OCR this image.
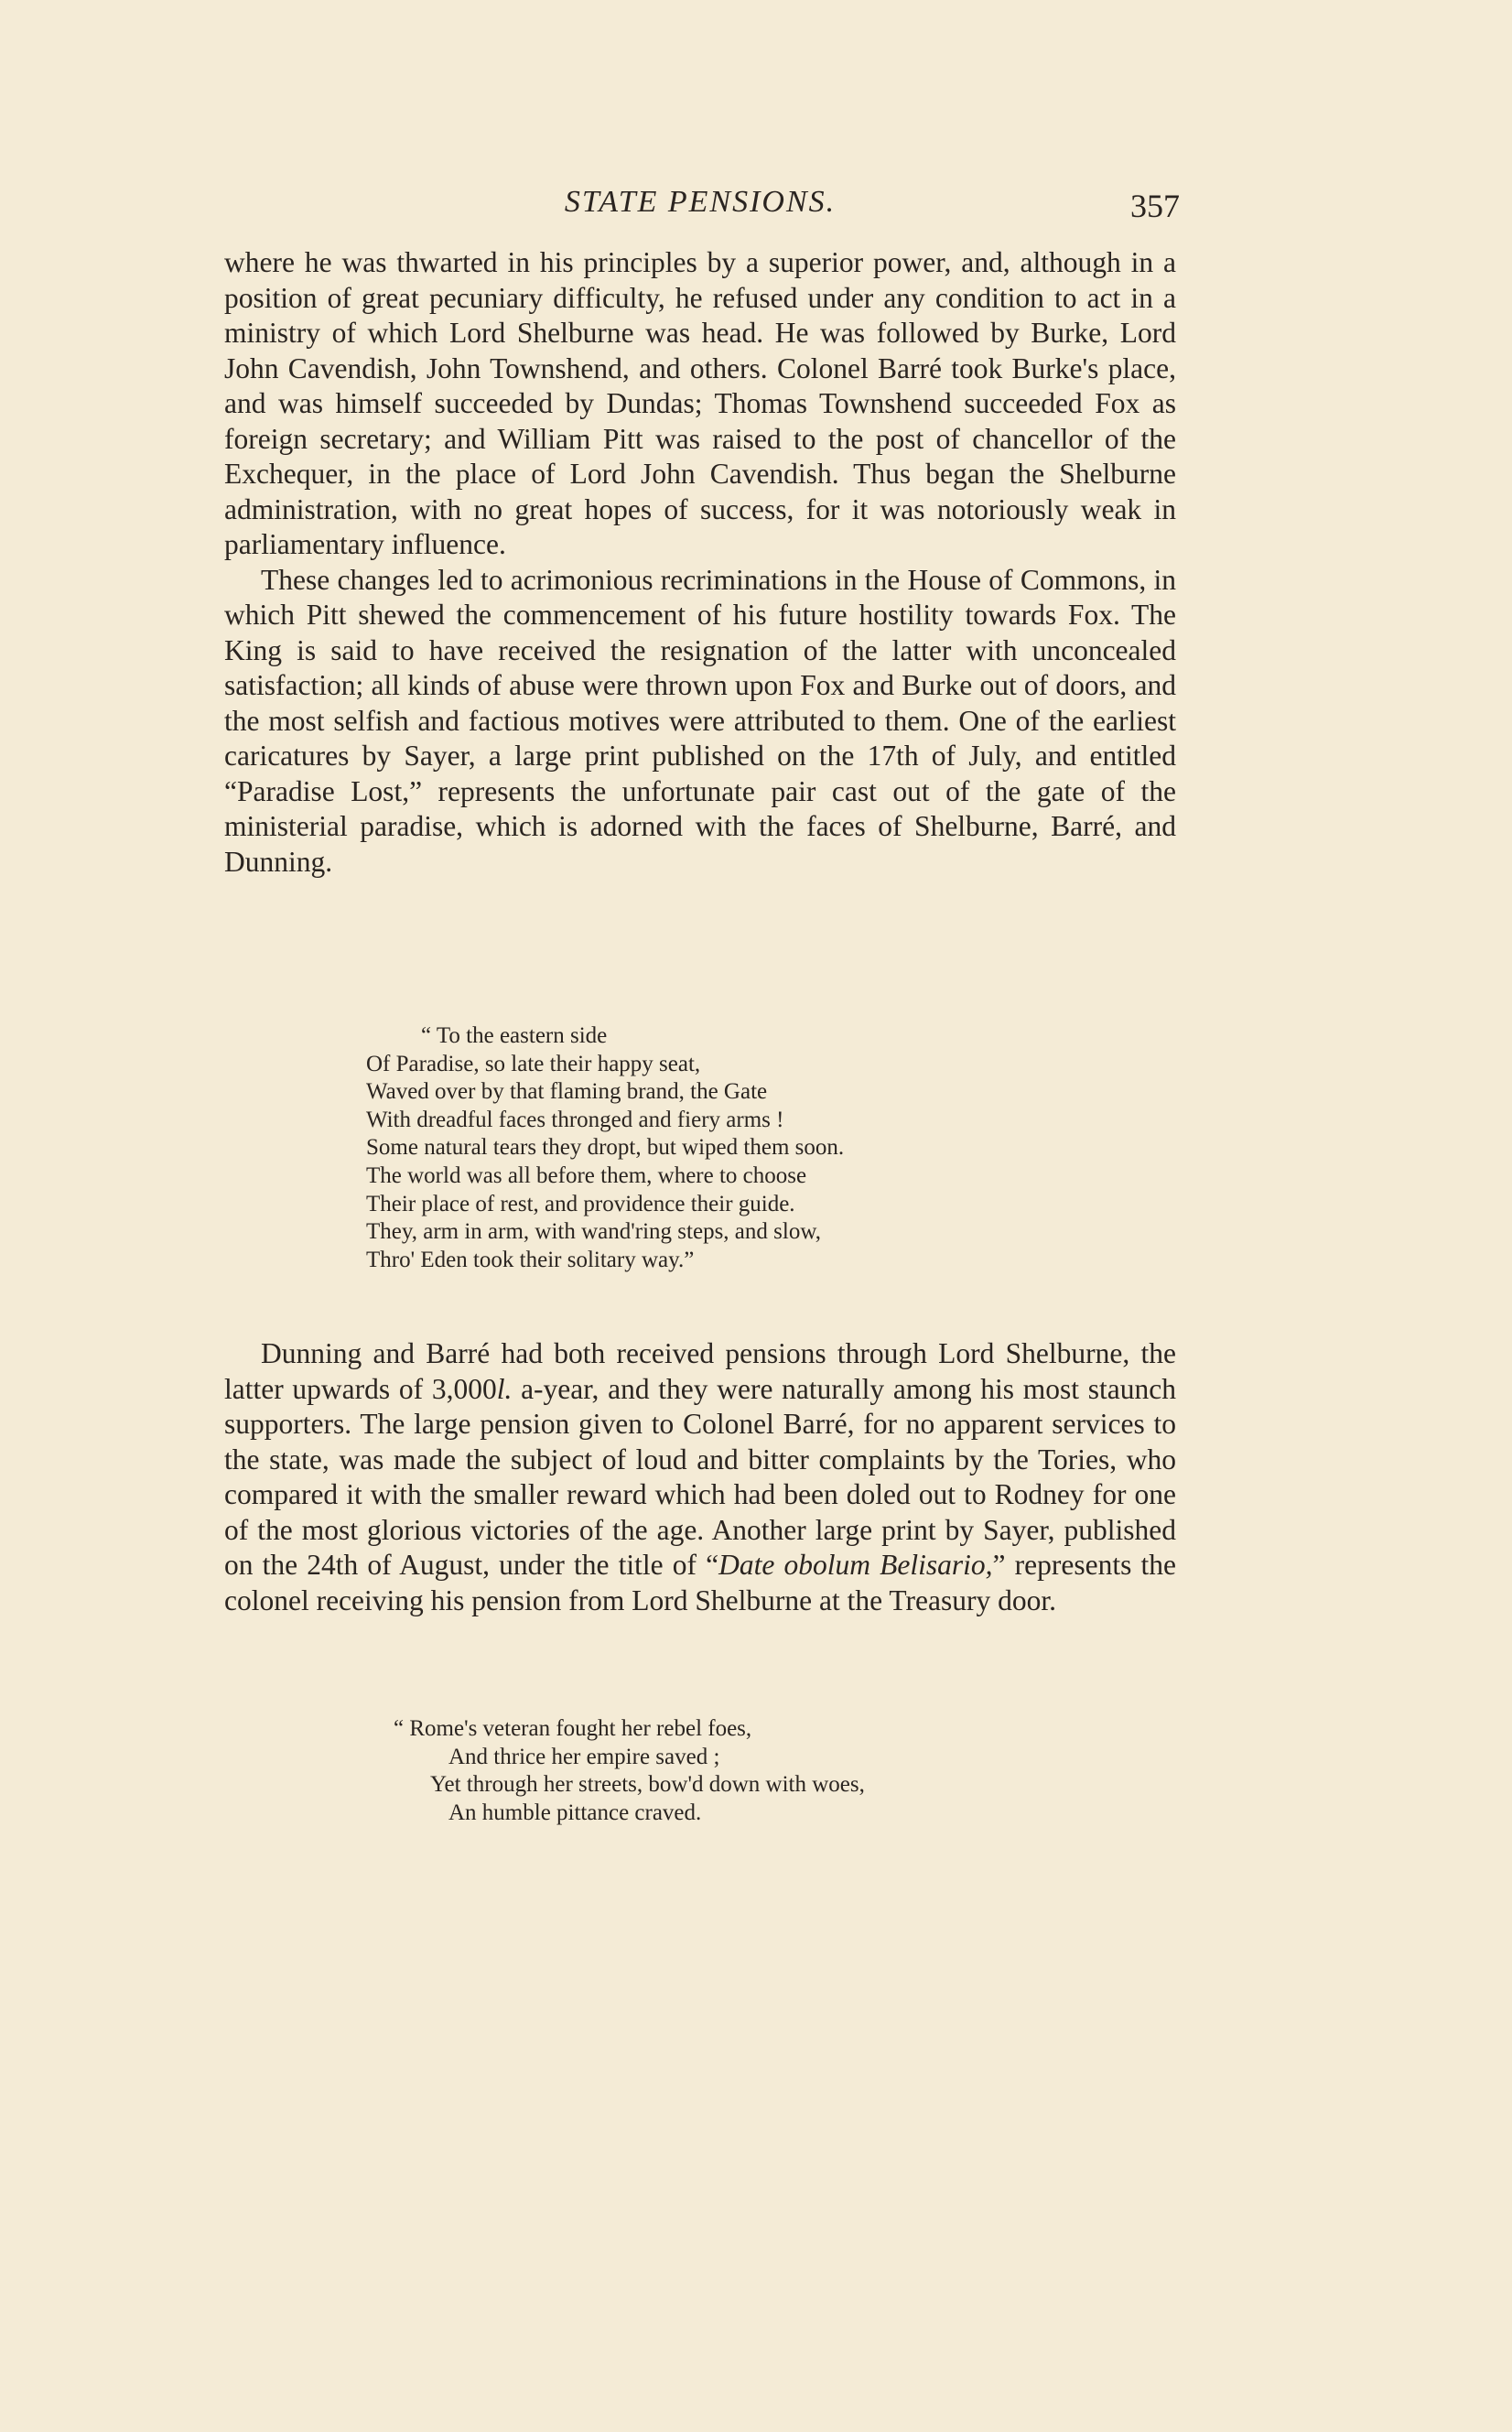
STATE PENSIONS.	357

where he was thwarted in his principles by a superior power, and, although in a position of great pecuniary difficulty, he refused under any condition to act in a ministry of which Lord Shelburne was head. He was followed by Burke, Lord John Cavendish, John Townshend, and others. Colonel Barré took Burke's place, and was himself succeeded by Dundas; Thomas Townshend succeeded Fox as foreign secretary; and William Pitt was raised to the post of chancellor of the Exchequer, in the place of Lord John Cavendish. Thus began the Shelburne administration, with no great hopes of success, for it was notoriously weak in parliamentary influence.

These changes led to acrimonious recriminations in the House of Commons, in which Pitt shewed the commencement of his future hostility towards Fox. The King is said to have received the resignation of the latter with unconcealed satisfaction; all kinds of abuse were thrown upon Fox and Burke out of doors, and the most selfish and factious motives were attributed to them. One of the earliest caricatures by Sayer, a large print published on the 17th of July, and entitled “Paradise Lost,” represents the unfortunate pair cast out of the gate of the ministerial paradise, which is adorned with the faces of Shelburne, Barré, and Dunning.

“ To the eastern side
Of Paradise, so late their happy seat,
Waved over by that flaming brand, the Gate
With dreadful faces thronged and fiery arms !
Some natural tears they dropt, but wiped them soon.
The world was all before them, where to choose
Their place of rest, and providence their guide.
They, arm in arm, with wand'ring steps, and slow,
Thro' Eden took their solitary way.”

Dunning and Barré had both received pensions through Lord Shelburne, the latter upwards of 3,000l. a-year, and they were naturally among his most staunch supporters. The large pension given to Colonel Barré, for no apparent services to the state, was made the subject of loud and bitter complaints by the Tories, who compared it with the smaller reward which had been doled out to Rodney for one of the most glorious victories of the age. Another large print by Sayer, published on the 24th of August, under the title of “Date obolum Belisario,” represents the colonel receiving his pension from Lord Shelburne at the Treasury door.

“ Rome's veteran fought her rebel foes,
And thrice her empire saved ;
Yet through her streets, bow'd down with woes,
An humble pittance craved.
